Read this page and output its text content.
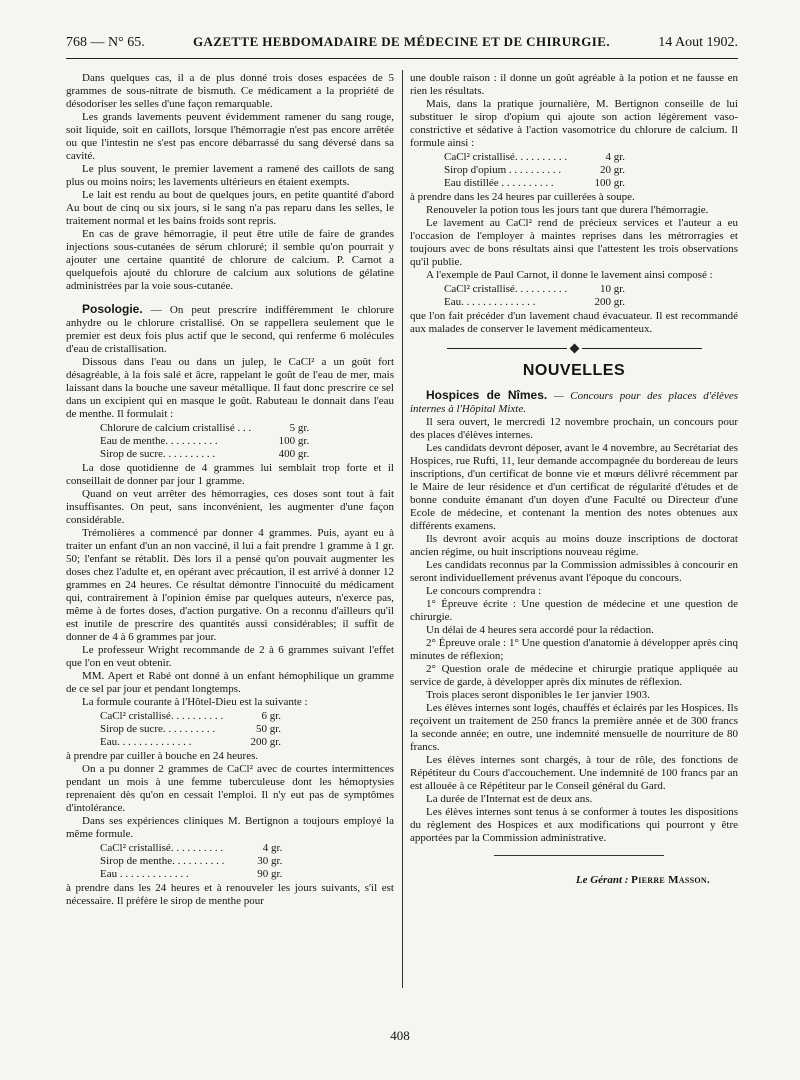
768 — N° 65.	GAZETTE HEBDOMADAIRE DE MÉDECINE ET DE CHIRURGIE.	14 Aout 1902.

Dans quelques cas, il a de plus donné trois doses espacées de 5 grammes de sous-nitrate de bismuth. Ce médicament a la propriété de désodoriser les selles d'une façon remarquable.

Les grands lavements peuvent évidemment ramener du sang rouge, soit liquide, soit en caillots, lorsque l'hémorragie n'est pas encore arrêtée ou que l'intestin ne s'est pas encore débarrassé du sang déversé dans sa cavité.

Le plus souvent, le premier lavement a ramené des caillots de sang plus ou moins noirs; les lavements ultérieurs en étaient exempts.

Le lait est rendu au bout de quelques jours, en petite quantité d'abord Au bout de cinq ou six jours, si le sang n'a pas reparu dans les selles, le traitement normal et les bains froids sont repris.

En cas de grave hémorragie, il peut être utile de faire de grandes injections sous-cutanées de sérum chloruré; il semble qu'on pourrait y ajouter une certaine quantité de chlorure de calcium. P. Carnot a quelquefois ajouté du chlorure de calcium aux solutions de gélatine administrées par la voie sous-cutanée.

Posologie. — On peut prescrire indifféremment le chlorure anhydre ou le chlorure cristallisé. On se rappellera seulement que le premier est deux fois plus actif que le second, qui renferme 6 molécules d'eau de cristallisation.

Dissous dans l'eau ou dans un julep, le CaCl² a un goût fort désagréable, à la fois salé et âcre, rappelant le goût de l'eau de mer, mais laissant dans la bouche une saveur métallique. Il faut donc prescrire ce sel dans un excipient qui en masque le goût. Rabuteau le donnait dans l'eau de menthe. Il formulait :

Chlorure de calcium cristallisé . . .	5 gr.
Eau de menthe. . . . . . . . . .	100 gr.
Sirop de sucre. . . . . . . . . .	400 gr.

La dose quotidienne de 4 grammes lui semblait trop forte et il conseillait de donner par jour 1 gramme.

Quand on veut arrêter des hémorragies, ces doses sont tout à fait insuffisantes. On peut, sans inconvénient, les augmenter d'une façon considérable.

Trémolières a commencé par donner 4 grammes. Puis, ayant eu à traiter un enfant d'un an non vacciné, il lui a fait prendre 1 gramme à 1 gr. 50; l'enfant se rétablit. Dès lors il a pensé qu'on pouvait augmenter les doses chez l'adulte et, en opérant avec précaution, il est arrivé à donner 12 grammes en 24 heures. Ce résultat démontre l'innocuité du médicament qui, contrairement à l'opinion émise par quelques auteurs, n'exerce pas, même à de fortes doses, d'action purgative. On a reconnu d'ailleurs qu'il est inutile de prescrire des quantités aussi considérables; il suffit de donner de 4 à 6 grammes par jour.

Le professeur Wright recommande de 2 à 6 grammes suivant l'effet que l'on en veut obtenir.

MM. Apert et Rabé ont donné à un enfant hémophilique un gramme de ce sel par jour et pendant longtemps.

La formule courante à l'Hôtel-Dieu est la suivante :

CaCl² cristallisé. . . . . . . . . .	6 gr.
Sirop de sucre. . . . . . . . . .	50 gr.
Eau. . . . . . . . . . . . . .	200 gr.

à prendre par cuiller à bouche en 24 heures.

On a pu donner 2 grammes de CaCl² avec de courtes intermittences pendant un mois à une femme tuberculeuse dont les hémoptysies reprenaient dès qu'on en cessait l'emploi. Il n'y eut pas de symptômes d'intolérance.

Dans ses expériences cliniques M. Bertignon a toujours employé la même formule.

CaCl² cristallisé. . . . . . . . . .	4 gr.
Sirop de menthe. . . . . . . . . .	30 gr.
Eau . . . . . . . . . . . . .	90 gr.

à prendre dans les 24 heures et à renouveler les jours suivants, s'il est nécessaire. Il préfère le sirop de menthe pour

une double raison : il donne un goût agréable à la potion et ne fausse en rien les résultats.

Mais, dans la pratique journalière, M. Bertignon conseille de lui substituer le sirop d'opium qui ajoute son action légèrement vaso-constrictive et sédative à l'action vasomotrice du chlorure de calcium. Il formule ainsi :

CaCl² cristallisé. . . . . . . . . .	4 gr.
Sirop d'opium . . . . . . . . . .	20 gr.
Eau distillée . . . . . . . . . .	100 gr.

à prendre dans les 24 heures par cuillerées à soupe.

Renouveler la potion tous les jours tant que durera l'hémorragie.

Le lavement au CaCl² rend de précieux services et l'auteur a eu l'occasion de l'employer à maintes reprises dans les métrorragies et toujours avec de bons résultats ainsi que l'attestent les trois observations qu'il publie.

A l'exemple de Paul Carnot, il donne le lavement ainsi composé :

CaCl² cristallisé. . . . . . . . . .	10 gr.
Eau. . . . . . . . . . . . . .	200 gr.

que l'on fait précéder d'un lavement chaud évacuateur. Il est recommandé aux malades de conserver le lavement médicamenteux.

NOUVELLES

Hospices de Nîmes. — Concours pour des places d'élèves internes à l'Hôpital Mixte.

Il sera ouvert, le mercredi 12 novembre prochain, un concours pour des places d'élèves internes.

Les candidats devront déposer, avant le 4 novembre, au Secrétariat des Hospices, rue Rufti, 11, leur demande accompagnée du bordereau de leurs inscriptions, d'un certificat de bonne vie et mœurs délivré récemment par le Maire de leur résidence et d'un certificat de régularité d'études et de bonne conduite émanant d'un doyen d'une Faculté ou Directeur d'une Ecole de médecine, et contenant la mention des notes obtenues aux différents examens.

Ils devront avoir acquis au moins douze inscriptions de doctorat ancien régime, ou huit inscriptions nouveau régime.

Les candidats reconnus par la Commission admissibles à concourir en seront individuellement prévenus avant l'époque du concours.

Le concours comprendra :

1° Épreuve écrite : Une question de médecine et une question de chirurgie.

Un délai de 4 heures sera accordé pour la rédaction.

2° Épreuve orale : 1° Une question d'anatomie à développer après cinq minutes de réflexion;

2° Question orale de médecine et chirurgie pratique appliquée au service de garde, à développer après dix minutes de réflexion.

Trois places seront disponibles le 1er janvier 1903.

Les élèves internes sont logés, chauffés et éclairés par les Hospices. Ils reçoivent un traitement de 250 francs la première année et de 300 francs la seconde année; en outre, une indemnité mensuelle de nourriture de 80 francs.

Les élèves internes sont chargés, à tour de rôle, des fonctions de Répétiteur du Cours d'accouchement. Une indemnité de 100 francs par an est allouée à ce Répétiteur par le Conseil général du Gard.

La durée de l'Internat est de deux ans.

Les élèves internes sont tenus à se conformer à toutes les dispositions du règlement des Hospices et aux modifications qui pourront y être apportées par la Commission administrative.

Le Gérant : Pierre Masson.
408
